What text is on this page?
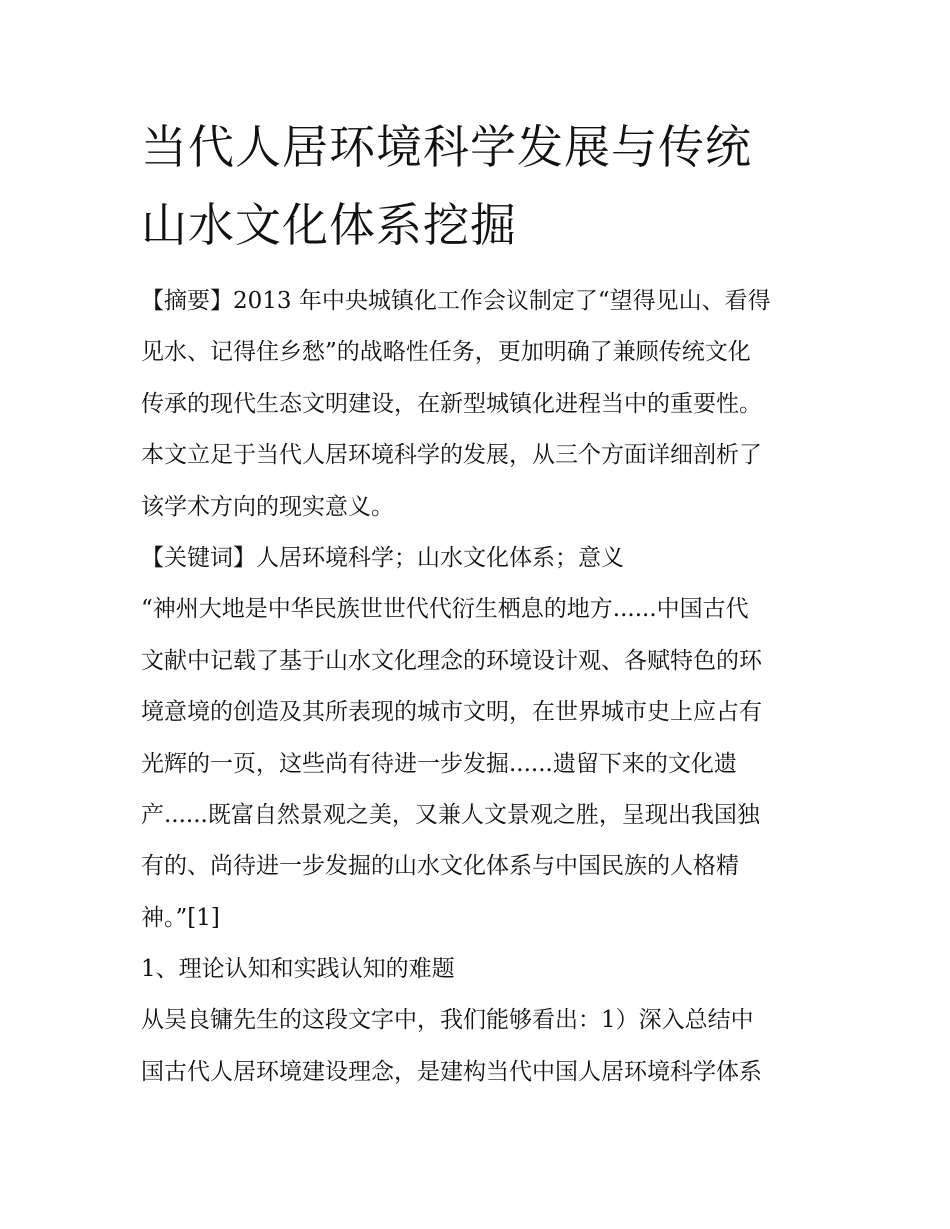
当代人居环境科学发展与传统
山水文化体系挖掘
【摘要】2013 年中央城镇化工作会议制定了“望得见山、看得
见水、记得住乡愁”的战略性任务，更加明确了兼顾传统文化
传承的现代生态文明建设，在新型城镇化进程当中的重要性。
本文立足于当代人居环境科学的发展，从三个方面详细剖析了
该学术方向的现实意义。
【关键词】人居环境科学；山水文化体系；意义
“神州大地是中华民族世世代代衍生栖息的地方......中国古代
文献中记载了基于山水文化理念的环境设计观、各赋特色的环
境意境的创造及其所表现的城市文明，在世界城市史上应占有
光辉的一页，这些尚有待进一步发掘......遗留下来的文化遗
产......既富自然景观之美，又兼人文景观之胜，呈现出我国独
有的、尚待进一步发掘的山水文化体系与中国民族的人格精
神。”[1]
1、理论认知和实践认知的难题
从吴良镛先生的这段文字中，我们能够看出：1）深入总结中
国古代人居环境建设理念，是建构当代中国人居环境科学体系
